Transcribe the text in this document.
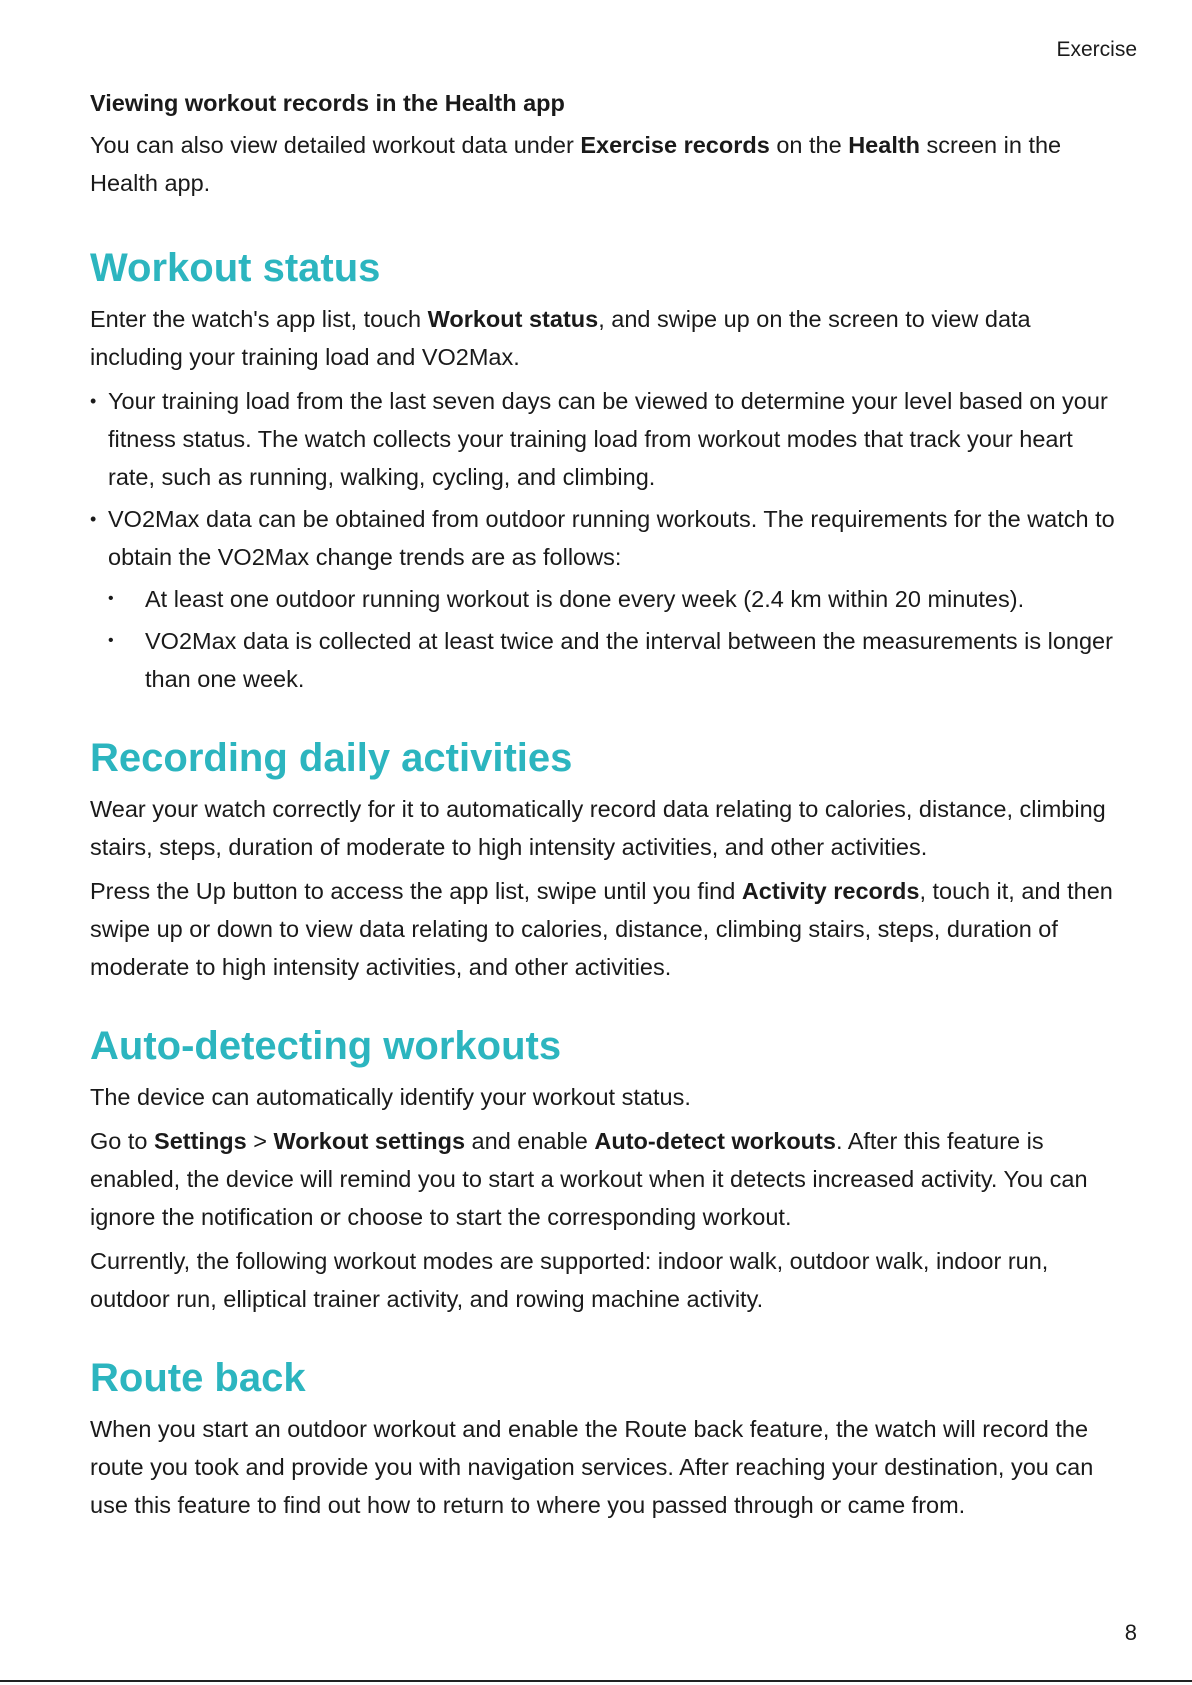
Exercise
Viewing workout records in the Health app

You can also view detailed workout data under Exercise records on the Health screen in the Health app.

Workout status

Enter the watch's app list, touch Workout status, and swipe up on the screen to view data including your training load and VO2Max.

• Your training load from the last seven days can be viewed to determine your level based on your fitness status. The watch collects your training load from workout modes that track your heart rate, such as running, walking, cycling, and climbing.
• VO2Max data can be obtained from outdoor running workouts. The requirements for the watch to obtain the VO2Max change trends are as follows:
• At least one outdoor running workout is done every week (2.4 km within 20 minutes).
• VO2Max data is collected at least twice and the interval between the measurements is longer than one week.
Recording daily activities

Wear your watch correctly for it to automatically record data relating to calories, distance, climbing stairs, steps, duration of moderate to high intensity activities, and other activities.

Press the Up button to access the app list, swipe until you find Activity records, touch it, and then swipe up or down to view data relating to calories, distance, climbing stairs, steps, duration of moderate to high intensity activities, and other activities.

Auto-detecting workouts

The device can automatically identify your workout status.

Go to Settings > Workout settings and enable Auto-detect workouts. After this feature is enabled, the device will remind you to start a workout when it detects increased activity. You can ignore the notification or choose to start the corresponding workout.

Currently, the following workout modes are supported: indoor walk, outdoor walk, indoor run, outdoor run, elliptical trainer activity, and rowing machine activity.

Route back

When you start an outdoor workout and enable the Route back feature, the watch will record the route you took and provide you with navigation services. After reaching your destination, you can use this feature to find out how to return to where you passed through or came from.

8
